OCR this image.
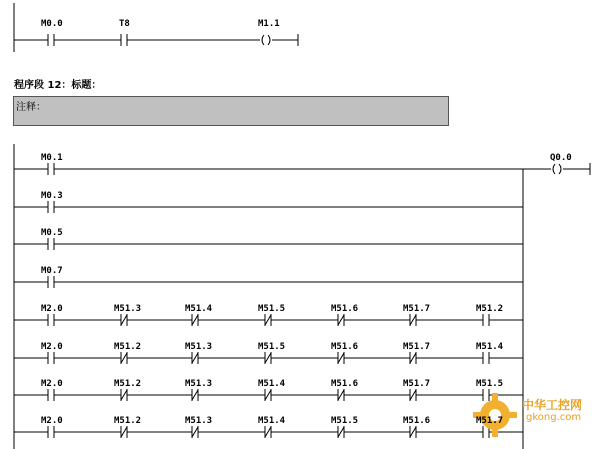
程序段 12：标题：
注释：
中华工控网
gkong.com
M0.0	T8	M1.1
M0.1
M0.3
M0.5
M0.7
M2.0	M51.3	M51.4	M51.5	M51.6	M51.7	M51.2
M2.0	M51.2	M51.3	M51.5	M51.6	M51.7	M51.4
M2.0	M51.2	M51.3	M51.4	M51.6	M51.7	M51.5
M2.0	M51.2	M51.3	M51.4	M51.5	M51.6	M51.7
Q0.0
